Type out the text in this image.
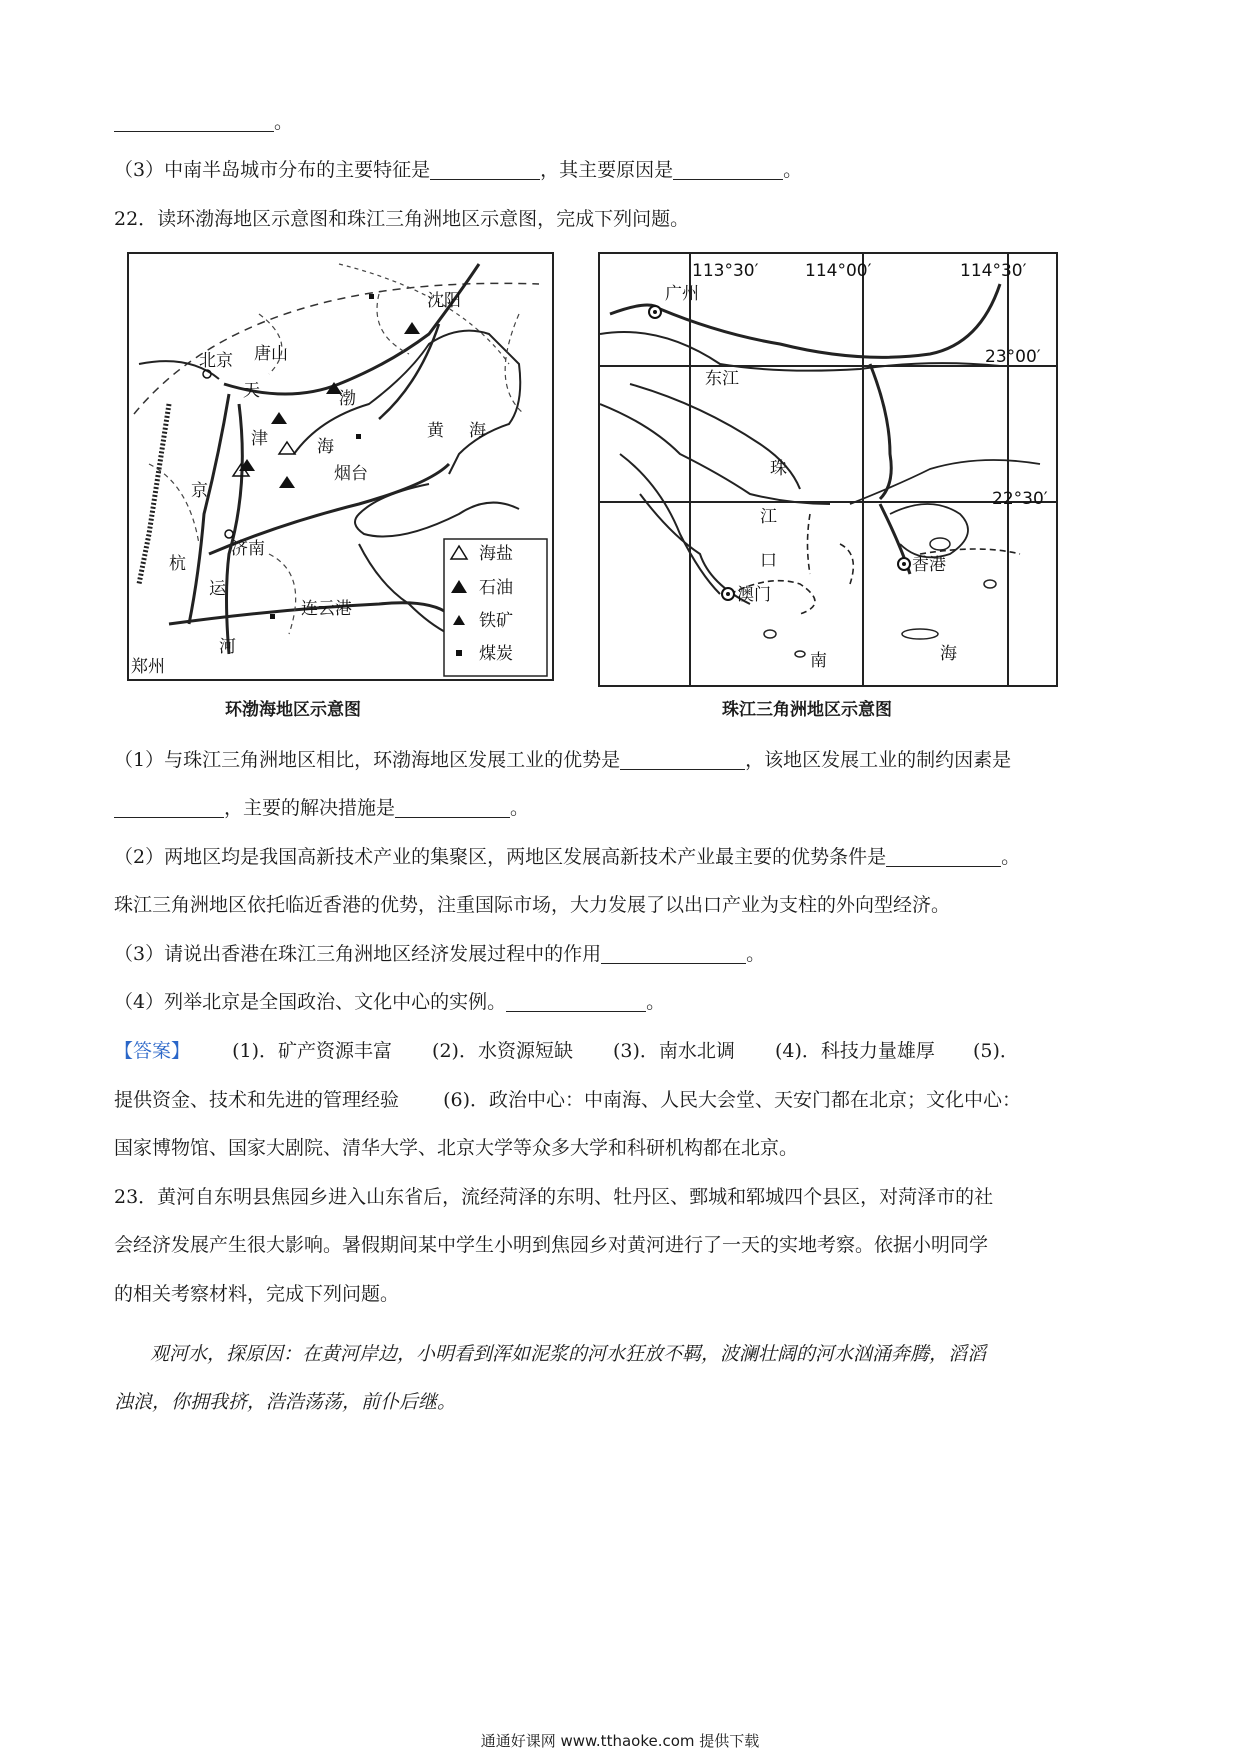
。
（3）中南半岛城市分布的主要特征是	，其主要原因是	。
22．读环渤海地区示意图和珠江三角洲地区示意图，完成下列问题。
北京 唐山
天
津
沈阳
渤
海
黄 海
烟台
济南
连云港
郑州
京
杭
运
河
海盐
石油
铁矿
煤炭
环渤海地区示意图
113°30′	114°00′	114°30′
23°00′
22°30′
广州
东江
珠
江
口
澳门
香港
南	海
珠江三角洲地区示意图
（1）与珠江三角洲地区相比，环渤海地区发展工业的优势是	，该地区发展工业的制约因素是
，主要的解决措施是	。
（2）两地区均是我国高新技术产业的集聚区，两地区发展高新技术产业最主要的优势条件是	。
珠江三角洲地区依托临近香港的优势，注重国际市场，大力发展了以出口产业为支柱的外向型经济。
（3）请说出香港在珠江三角洲地区经济发展过程中的作用	。
（4）列举北京是全国政治、文化中心的实例。	。
【答案】 (1)．矿产资源丰富 (2)．水资源短缺 (3)．南水北调 (4)．科技力量雄厚 (5)．
提供资金、技术和先进的管理经验 (6)．政治中心：中南海、人民大会堂、天安门都在北京；文化中心：
国家博物馆、国家大剧院、清华大学、北京大学等众多大学和科研机构都在北京。
23．黄河自东明县焦园乡进入山东省后，流经菏泽的东明、牡丹区、鄄城和郓城四个县区，对菏泽市的社
会经济发展产生很大影响。暑假期间某中学生小明到焦园乡对黄河进行了一天的实地考察。依据小明同学
的相关考察材料，完成下列问题。
观河水，探原因：在黄河岸边，小明看到浑如泥浆的河水狂放不羁，波澜壮阔的河水汹涌奔腾，滔滔
浊浪，你拥我挤，浩浩荡荡，前仆后继。
通通好课网 www.tthaoke.com 提供下载
